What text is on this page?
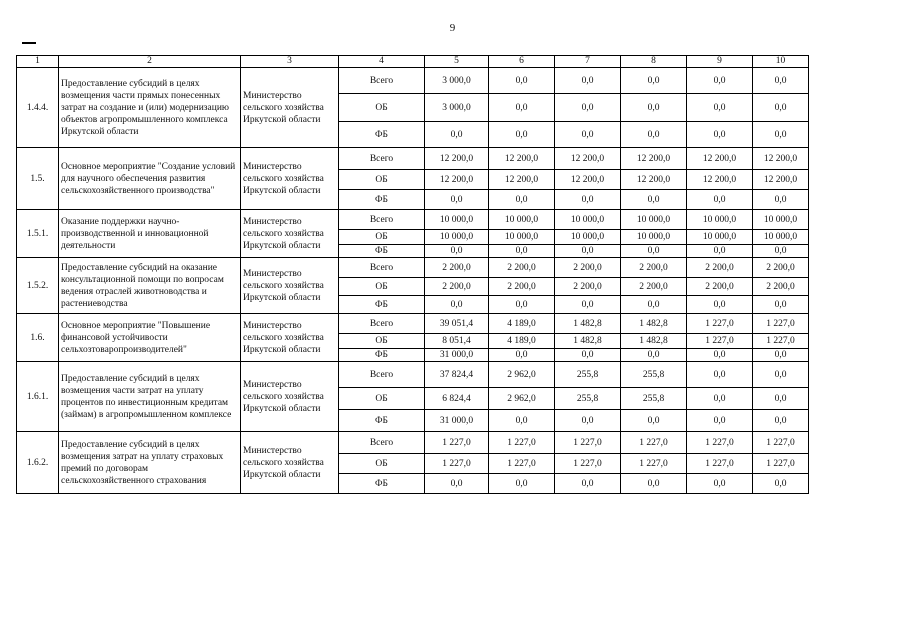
9
1	2	3	4	5	6	7	8	9	10
1.4.4.	Предоставление субсидий в целях возмещения части прямых понесенных затрат на создание и (или) модернизацию объектов агропромышленного комплекса Иркутской области	Министерство сельского хозяйства Иркутской области	Всего	3 000,0	0,0	0,0	0,0	0,0	0,0
			ОБ	3 000,0	0,0	0,0	0,0	0,0	0,0
			ФБ	0,0	0,0	0,0	0,0	0,0	0,0
1.5.	Основное мероприятие "Создание условий для научного обеспечения развития сельскохозяйственного производства"	Министерство сельского хозяйства Иркутской области	Всего	12 200,0	12 200,0	12 200,0	12 200,0	12 200,0	12 200,0
			ОБ	12 200,0	12 200,0	12 200,0	12 200,0	12 200,0	12 200,0
			ФБ	0,0	0,0	0,0	0,0	0,0	0,0
1.5.1.	Оказание поддержки научно-производственной и инновационной деятельности	Министерство сельского хозяйства Иркутской области	Всего	10 000,0	10 000,0	10 000,0	10 000,0	10 000,0	10 000,0
			ОБ	10 000,0	10 000,0	10 000,0	10 000,0	10 000,0	10 000,0
			ФБ	0,0	0,0	0,0	0,0	0,0	0,0
1.5.2.	Предоставление субсидий на оказание консультационной помощи по вопросам ведения отраслей животноводства и растениеводства	Министерство сельского хозяйства Иркутской области	Всего	2 200,0	2 200,0	2 200,0	2 200,0	2 200,0	2 200,0
			ОБ	2 200,0	2 200,0	2 200,0	2 200,0	2 200,0	2 200,0
			ФБ	0,0	0,0	0,0	0,0	0,0	0,0
1.6.	Основное мероприятие "Повышение финансовой устойчивости сельхозтоваропроизводителей"	Министерство сельского хозяйства Иркутской области	Всего	39 051,4	4 189,0	1 482,8	1 482,8	1 227,0	1 227,0
			ОБ	8 051,4	4 189,0	1 482,8	1 482,8	1 227,0	1 227,0
			ФБ	31 000,0	0,0	0,0	0,0	0,0	0,0
1.6.1.	Предоставление субсидий в целях возмещения части затрат на уплату процентов по инвестиционным кредитам (займам) в агропромышленном комплексе	Министерство сельского хозяйства Иркутской области	Всего	37 824,4	2 962,0	255,8	255,8	0,0	0,0
			ОБ	6 824,4	2 962,0	255,8	255,8	0,0	0,0
			ФБ	31 000,0	0,0	0,0	0,0	0,0	0,0
1.6.2.	Предоставление субсидий в целях возмещения затрат на уплату страховых премий по договорам сельскохозяйственного страхования	Министерство сельского хозяйства Иркутской области	Всего	1 227,0	1 227,0	1 227,0	1 227,0	1 227,0	1 227,0
			ОБ	1 227,0	1 227,0	1 227,0	1 227,0	1 227,0	1 227,0
			ФБ	0,0	0,0	0,0	0,0	0,0	0,0
